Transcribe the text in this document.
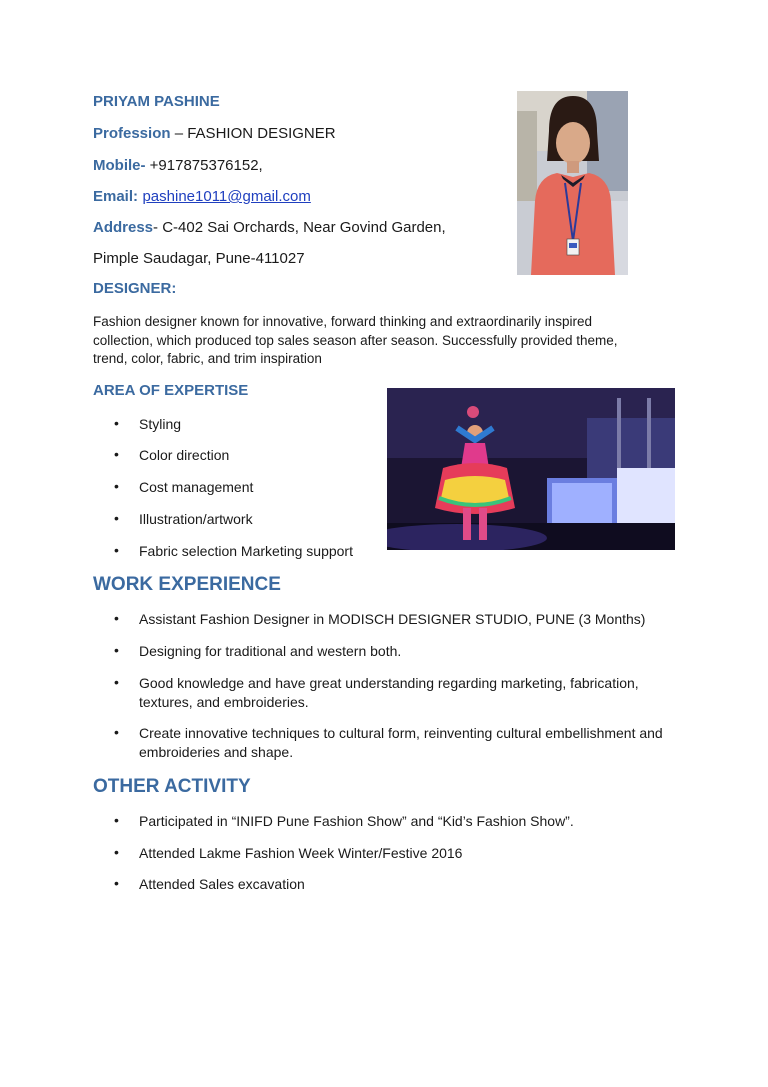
PRIYAM PASHINE
Profession – FASHION DESIGNER
Mobile- +917875376152,
Email: pashine1011@gmail.com
Address- C-402 Sai Orchards, Near Govind Garden,
Pimple Saudagar, Pune-411027
DESIGNER:
Fashion designer known for innovative, forward thinking and extraordinarily inspired
collection, which produced top sales season after season. Successfully provided theme,
trend, color, fabric, and trim inspiration
AREA OF EXPERTISE
• Styling
• Color direction
• Cost management
• Illustration/artwork
• Fabric selection Marketing support
WORK EXPERIENCE
• Assistant Fashion Designer in MODISCH DESIGNER STUDIO, PUNE (3 Months)
• Designing for traditional and western both.
• Good knowledge and have great understanding regarding marketing, fabrication,
textures, and embroideries.
• Create innovative techniques to cultural form, reinventing cultural embellishment and
embroideries and shape.
OTHER ACTIVITY
• Participated in “INIFD Pune Fashion Show” and “Kid’s Fashion Show”.
• Attended Lakme Fashion Week Winter/Festive 2016
• Attended Sales excavation
